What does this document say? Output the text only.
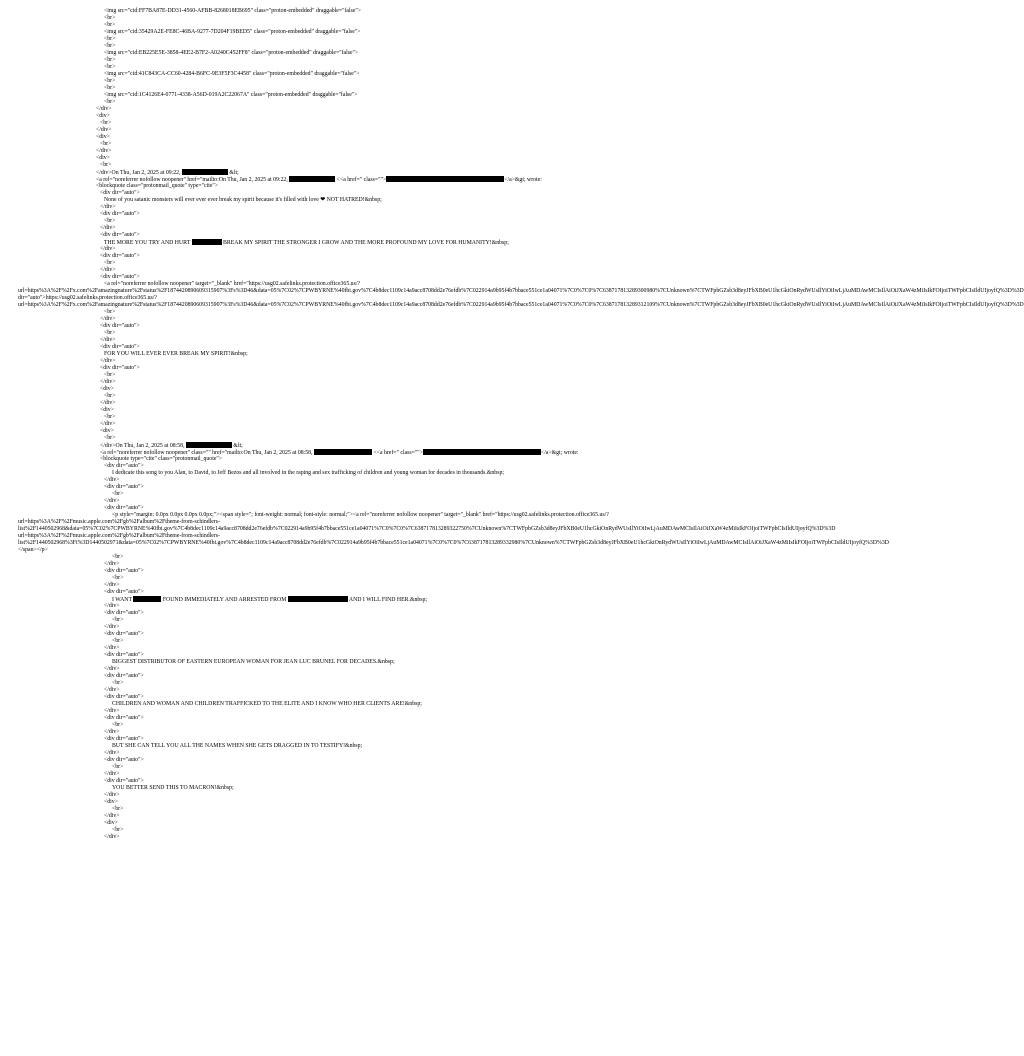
<img src="cid:FF7BA87E-DD31-4560-AFBB-8268018EB695" class="proton-embedded" draggable="false">
<br>
<br>
<img src="cid:35429A2E-FE8C-46BA-9277-7D204F19BED5" class="proton-embedded" draggable="false">
<br>
<br>
<img src="cid:EB225E5E-3858-4EE2-B7F2-A0240C452FF8" class="proton-embedded" draggable="false">
<br>
<br>
<img src="cid:41C843CA-CC60-4284-B6FC-9E3F5F3C4458" class="proton-embedded" draggable="false">
<br>
<br>
<img src="cid:1C4126E4-0771-4338-A56D-019A2C22067A" class="proton-embedded" draggable="false">
<br>
</div>
<div>
<br>
</div>
<div>
<br>
</div>
<div>
<br>
</div>On Thu, Jan 2, 2025 at 09:22,	&lt;
<a rel="noreferrer nofollow noopener" href="mailto:On Thu, Jan 2, 2025 at 09:22,	<<a href=" class="">	</a>&gt; wrote:
<blockquote class="protonmail_quote" type="cite">
<div dir="auto">
None of you satanic monsters will ever ever ever break my spirit because it's filled with love ❤ NOT HATRED!&nbsp;
</div>
<div dir="auto">
<br>
</div>
<div dir="auto">
THE MORE YOU TRY AND HURT	BREAK MY SPIRIT THE STRONGER I GROW AND THE MORE PROFOUND MY LOVE FOR HUMANITY!&nbsp;
</div>
<div dir="auto">
<br>
</div>
<div dir="auto">
<a rel="noreferrer nofollow noopener" target="_blank" href="https://usg02.safelinks.protection.office365.us/?
url=https%3A%2F%2Fx.com%2Famazingnature%2Fstatus%2F1874420890609315907%3Fs%3D46&data=05%7C02%7CPWBYRNE%40fbi.gov%7C4b8dec1109c14a9acc8708dd2e76efdb%7C022914a9b95f4b7bbace551ce1a04071%7C0%7C0%7C638717813289300980%7CUnknown%7CTWFpbGZsb3d8eyJFbXB0eU1hcGkiOnRydWUsIlYiOiIwLjAuMDAwMCIsIlAiOiJXaW4zMiIsIkFOIjoiTWFpbCIsIldUIjoyfQ%3D%3D
dir="auto">https://usg02.safelinks.protection.office365.us/?
url=https%3A%2F%2Fx.com%2Famazingnature%2Fstatus%2F1874420890609315907%3Fs%3D46&data=05%7C02%7CPWBYRNE%40fbi.gov%7C4b8dec1109c14a9acc8708dd2e76efdb%7C022914a9b95f4b7bbace551ce1a04071%7C0%7C0%7C638717813289312109%7CUnknown%7CTWFpbGZsb3d8eyJFbXB0eU1hcGkiOnRydWUsIlYiOiIwLjAuMDAwMCIsIlAiOiJXaW4zMiIsIkFOIjoiTWFpbCIsIldUIjoyfQ%3D%3D
<br>
</div>
<div dir="auto">
<br>
</div>
<div dir="auto">
FOR YOU WILL EVER EVER BREAK MY SPIRIT!&nbsp;
</div>
<div dir="auto">
<br>
</div>
<div>
<br>
</div>
<div>
<br>
</div>
<div>
<br>
</div>On Thu, Jan 2, 2025 at 08:58,	&lt;
<a rel="noreferrer nofollow noopener" class="" href="mailto:On Thu, Jan 2, 2025 at 08:58,	<<a href=" class="">	</a>&gt; wrote:
<blockquote type="cite" class="protonmail_quote">
<div dir="auto">
I dedicate this song to you Alan, to David, to Jeff Bezos and all involved in the raping and sex trafficking of children and young woman for decades in thousands.&nbsp;
</div>
<div dir="auto">
<br>
</div>
<div dir="auto">
<p style="margin: 0.0px 0.0px 0.0px 0.0px;"><span style="; font-weight: normal; font-style: normal;"><a rel="noreferrer nofollow noopener" target="_blank" href="https://usg02.safelinks.protection.office365.us/?
url=https%3A%2F%2Fmusic.apple.com%2Fgb%2Falbum%2Ftheme-from-schindlers-
list%2F1440502968&data=05%7C02%7CPWBYRNE%40fbi.gov%7C4b8dec1109c14a9acc8708dd2e76efdb%7C022914a9b95f4b7bbace551ce1a04071%7C0%7C0%7C638717813289322750%7CUnknown%7CTWFpbGZsb3d8eyJFbXB0eU1hcGkiOnRydWUsIlYiOiIwLjAuMDAwMCIsIlAiOiJXaW4zMiIsIkFOIjoiTWFpbCIsIldUIjoyfQ%3D%3D
url=https%3A%2F%2Fmusic.apple.com%2Fgb%2Falbum%2Ftheme-from-schindlers-
list%2F1440502968%3Fi%3D1440502971&data=05%7C02%7CPWBYRNE%40fbi.gov%7C4b8dec1109c14a9acc8708dd2e76efdb%7C022914a9b95f4b7bbace551ce1a04071%7C0%7C0%7C638717813289332980%7CUnknown%7CTWFpbGZsb3d8eyJFbXB0eU1hcGkiOnRydWUsIlYiOiIwLjAuMDAwMCIsIlAiOiJXaW4zMiIsIkFOIjoiTWFpbCIsIldUIjoyfQ%3D%3D
</span></p>
<br>
</div>
<div dir="auto">
<br>
</div>
<div dir="auto">
I WANT	FOUND IMMEDIATELY AND ARRESTED FROM	AND I WILL FIND HER.&nbsp;
</div>
<div dir="auto">
<br>
</div>
<div dir="auto">
<br>
</div>
<div dir="auto">
BIGGEST DISTRIBUTOR OF EASTERN EUROPEAN WOMAN FOR JEAN LUC BRUNEL FOR DECADES.&nbsp;
</div>
<div dir="auto">
<br>
</div>
<div dir="auto">
CHILDREN AND WOMAN AND CHILDREN TRAFFICKED TO THE ELITE AND I KNOW WHO HER CLIENTS ARE!&nbsp;
</div>
<div dir="auto">
<br>
</div>
<div dir="auto">
BUT SHE CAN TELL YOU ALL THE NAMES WHEN SHE GETS DRAGGED IN TO TESTIFY!&nbsp;
</div>
<div dir="auto">
<br>
</div>
<div dir="auto">
YOU BETTER SEND THIS TO MACRON!&nbsp;
</div>
<div>
<br>
</div>
<div>
<br>
</div>
